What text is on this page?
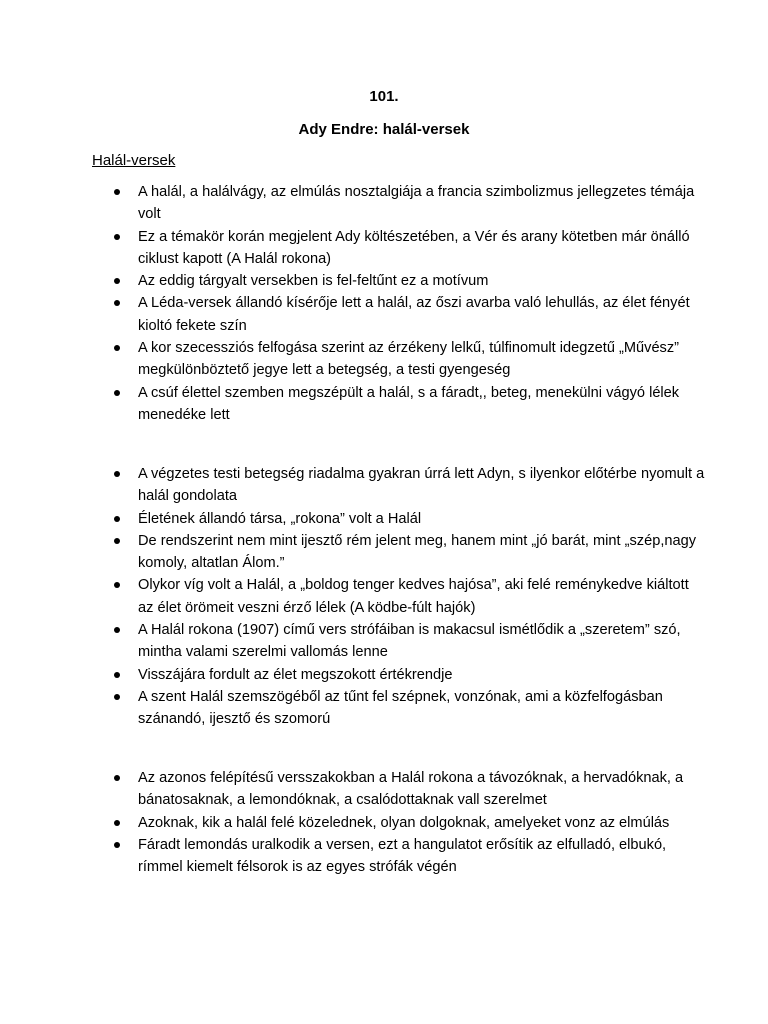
101.
Ady Endre: halál-versek
Halál-versek
A halál, a halálvágy, az elmúlás nosztalgiája a francia szimbolizmus jellegzetes témája volt
Ez a témakör korán megjelent Ady költészetében, a Vér és arany kötetben már önálló ciklust kapott (A Halál rokona)
Az eddig tárgyalt versekben is fel-feltűnt ez a motívum
A Léda-versek állandó kísérője lett a halál, az őszi avarba való lehullás, az élet fényét kioltó fekete szín
A kor szecessziós felfogása szerint az érzékeny lelkű, túlfinomult idegzetű „Művész” megkülönböztető jegye lett a betegség, a testi gyengeség
A csúf élettel szemben megszépült a halál, s a fáradt,, beteg, menekülni vágyó lélek menedéke lett
A végzetes testi betegség riadalma gyakran úrrá lett Adyn, s ilyenkor előtérbe nyomult a halál gondolata
Életének állandó társa, „rokona” volt a Halál
De rendszerint nem mint ijesztő rém jelent meg, hanem mint „jó barát, mint „szép,nagy komoly, altatlan Álom.”
Olykor víg volt a Halál, a „boldog tenger kedves hajósa”, aki felé reménykedve kiáltott az élet örömeit veszni érző lélek (A ködbe-fúlt hajók)
A Halál rokona (1907) című vers strófáiban is makacsul ismétlődik a „szeretem” szó, mintha valami szerelmi vallomás lenne
Visszájára fordult az élet megszokott értékrendje
A szent Halál szemszögéből az tűnt fel szépnek, vonzónak, ami a közfelfogásban szánandó, ijesztő és szomorú
Az azonos felépítésű versszakokban a Halál rokona a távozóknak, a hervadóknak, a bánatosaknak, a lemondóknak, a csalódottaknak vall szerelmet
Azoknak, kik a halál felé közelednek, olyan dolgoknak, amelyeket vonz az elmúlás
Fáradt lemondás uralkodik a versen, ezt a hangulatot erősítik az elfulladó, elbukó, rímmel kiemelt félsorok is az egyes strófák végén
